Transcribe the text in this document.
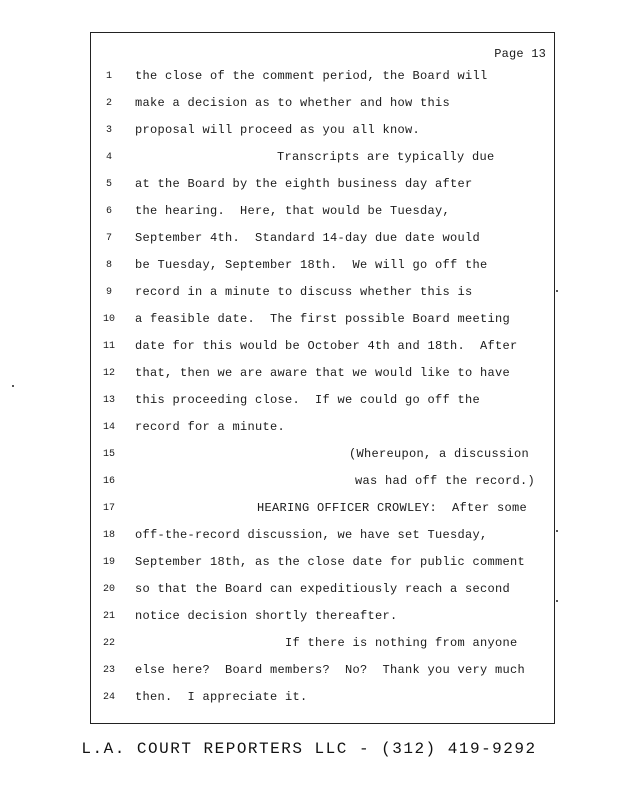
Page 13
1	the close of the comment period, the Board will
2	make a decision as to whether and how this
3	proposal will proceed as you all know.
4	Transcripts are typically due
5	at the Board by the eighth business day after
6	the hearing.  Here, that would be Tuesday,
7	September 4th.  Standard 14-day due date would
8	be Tuesday, September 18th.  We will go off the
9	record in a minute to discuss whether this is
10	a feasible date.  The first possible Board meeting
11	date for this would be October 4th and 18th.  After
12	that, then we are aware that we would like to have
13	this proceeding close.  If we could go off the
14	record for a minute.
15	(Whereupon, a discussion
16	was had off the record.)
17	HEARING OFFICER CROWLEY:  After some
18	off-the-record discussion, we have set Tuesday,
19	September 18th, as the close date for public comment
20	so that the Board can expeditiously reach a second
21	notice decision shortly thereafter.
22	If there is nothing from anyone
23	else here?  Board members?  No?  Thank you very much
24	then.  I appreciate it.
L.A. COURT REPORTERS LLC - (312) 419-9292
